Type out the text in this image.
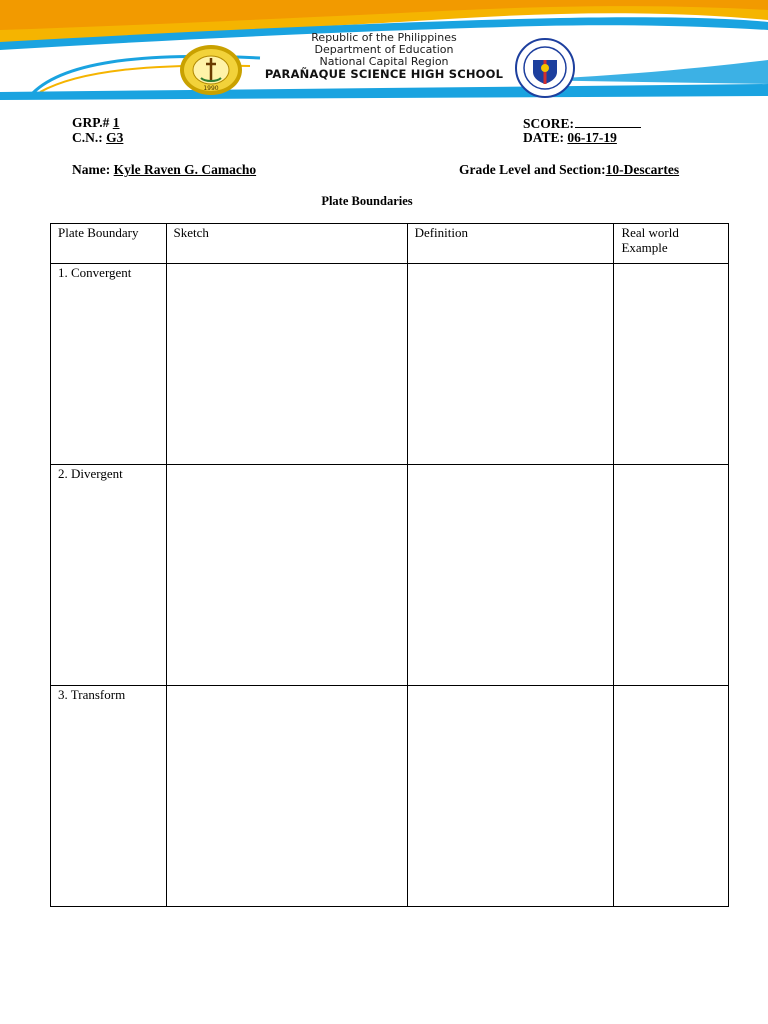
1990
Republic of the Philippines
Department of Education
National Capital Region
PARAÑAQUE SCIENCE HIGH SCHOOL
GRP.# 1
C.N.: G3
SCORE:
DATE: 06-17-19
Name: Kyle Raven G. Camacho	Grade Level and Section:10-Descartes
Plate Boundaries
Plate Boundary	Sketch	Definition	Real world Example
1. Convergent			
2. Divergent			
3. Transform			
